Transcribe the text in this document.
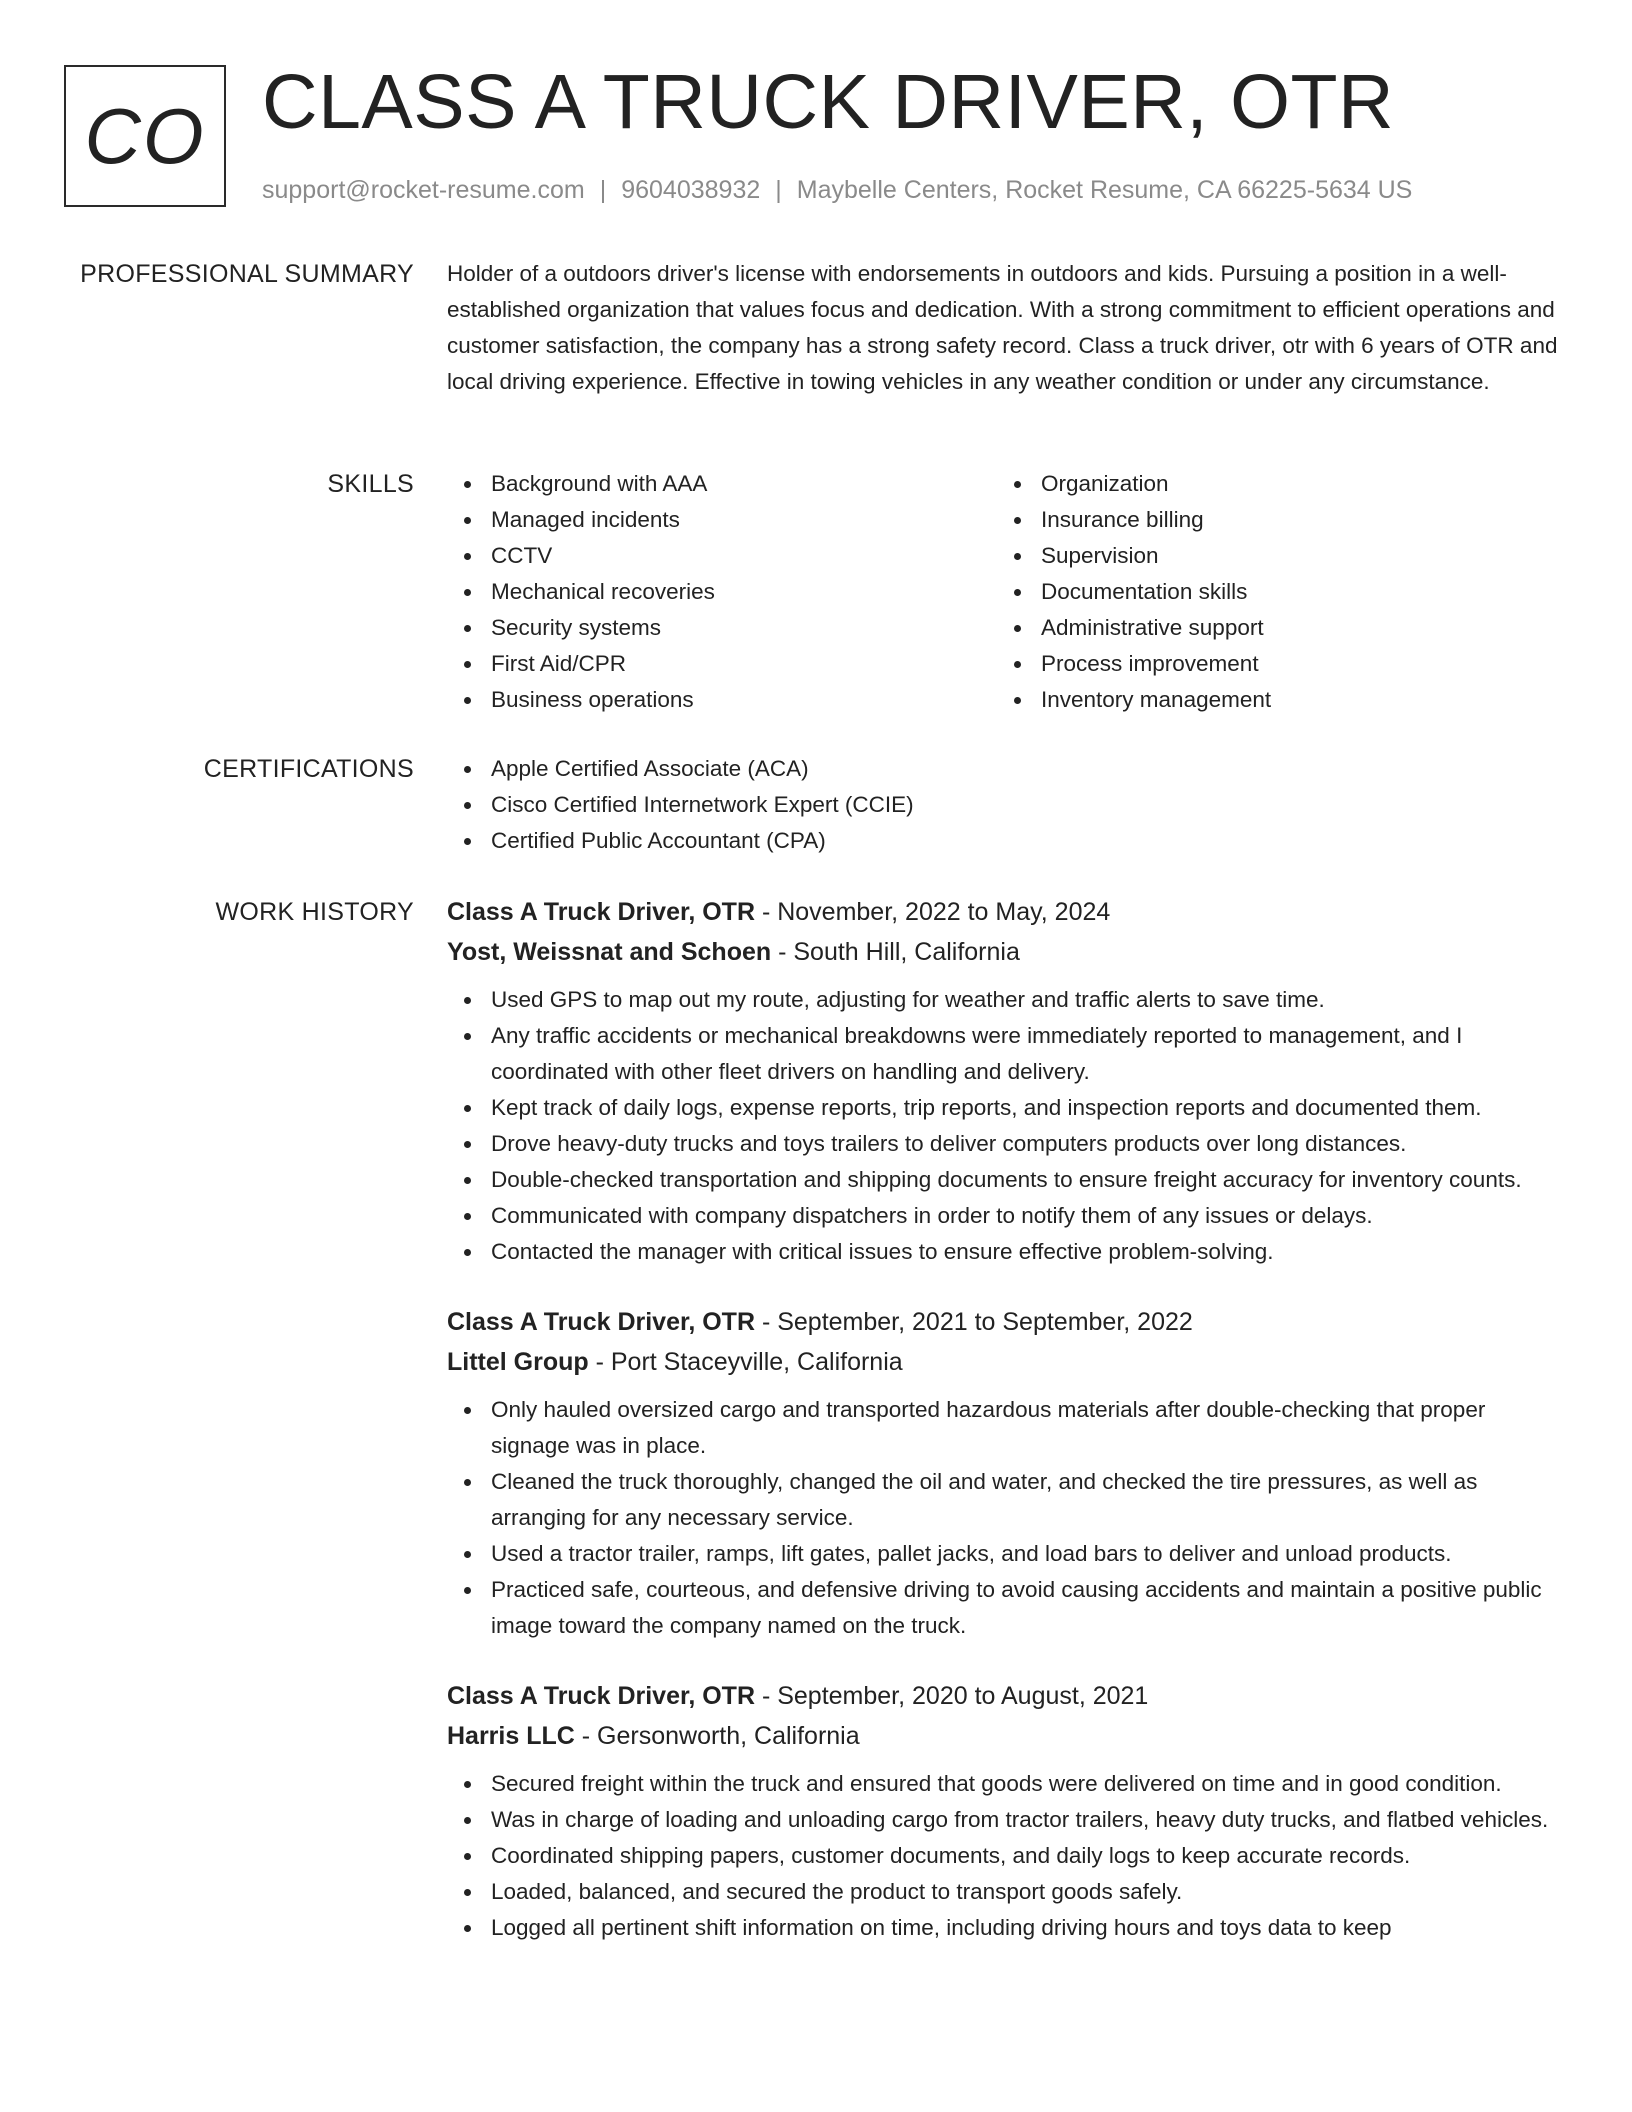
CO CLASS A TRUCK DRIVER, OTR
support@rocket-resume.com | 9604038932 | Maybelle Centers, Rocket Resume, CA 66225-5634 US
PROFESSIONAL SUMMARY Holder of a outdoors driver's license with endorsements in outdoors and kids. Pursuing a position in a well-established organization that values focus and dedication. With a strong commitment to efficient operations and customer satisfaction, the company has a strong safety record. Class a truck driver, otr with 6 years of OTR and local driving experience. Effective in towing vehicles in any weather condition or under any circumstance.
SKILLS	Background with AAA
Managed incidents
CCTV
Mechanical recoveries
Security systems
First Aid/CPR
Business operations
Organization
Insurance billing
Supervision
Documentation skills
Administrative support
Process improvement
Inventory management
CERTIFICATIONS	Apple Certified Associate (ACA)
Cisco Certified Internetwork Expert (CCIE)
Certified Public Accountant (CPA)
WORK HISTORY Class A Truck Driver, OTR - November, 2022 to May, 2024
Yost, Weissnat and Schoen - South Hill, California
Used GPS to map out my route, adjusting for weather and traffic alerts to save time.
Any traffic accidents or mechanical breakdowns were immediately reported to management, and I coordinated with other fleet drivers on handling and delivery.
Kept track of daily logs, expense reports, trip reports, and inspection reports and documented them.
Drove heavy-duty trucks and toys trailers to deliver computers products over long distances.
Double-checked transportation and shipping documents to ensure freight accuracy for inventory counts.
Communicated with company dispatchers in order to notify them of any issues or delays.
Contacted the manager with critical issues to ensure effective problem-solving.
Class A Truck Driver, OTR - September, 2021 to September, 2022
Littel Group - Port Staceyville, California
Only hauled oversized cargo and transported hazardous materials after double-checking that proper signage was in place.
Cleaned the truck thoroughly, changed the oil and water, and checked the tire pressures, as well as arranging for any necessary service.
Used a tractor trailer, ramps, lift gates, pallet jacks, and load bars to deliver and unload products.
Practiced safe, courteous, and defensive driving to avoid causing accidents and maintain a positive public image toward the company named on the truck.
Class A Truck Driver, OTR - September, 2020 to August, 2021
Harris LLC - Gersonworth, California
Secured freight within the truck and ensured that goods were delivered on time and in good condition.
Was in charge of loading and unloading cargo from tractor trailers, heavy duty trucks, and flatbed vehicles.
Coordinated shipping papers, customer documents, and daily logs to keep accurate records.
Loaded, balanced, and secured the product to transport goods safely.
Logged all pertinent shift information on time, including driving hours and toys data to keep
